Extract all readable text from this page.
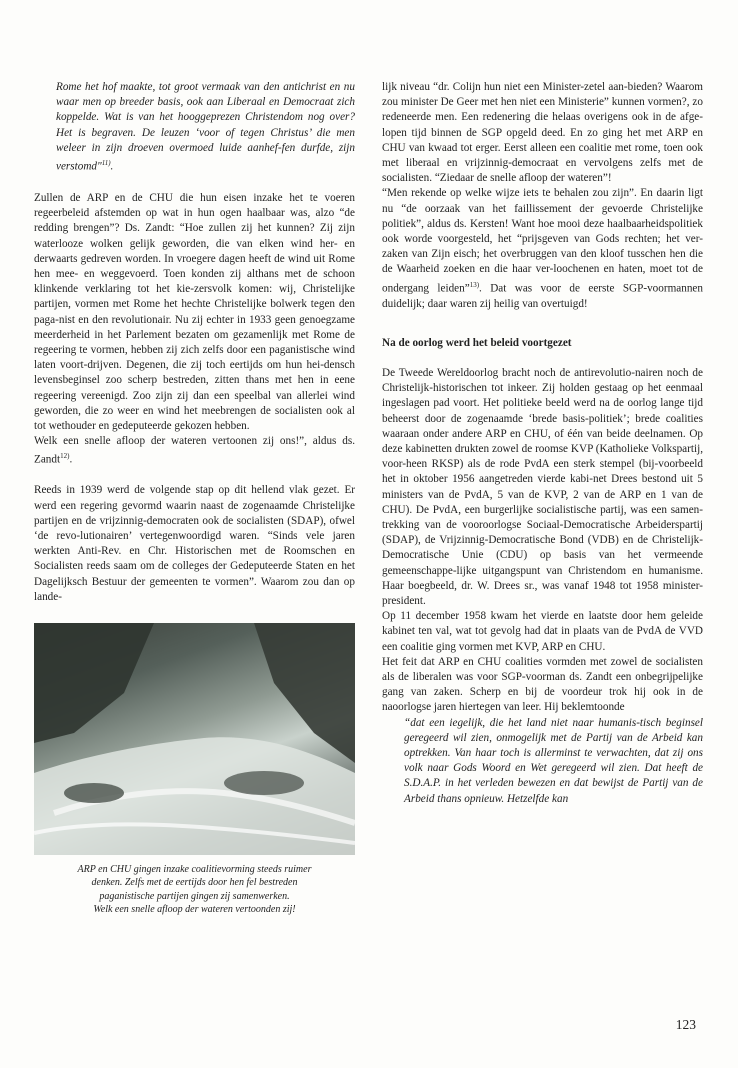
Rome het hof maakte, tot groot vermaak van den antichrist en nu waar men op breeder basis, ook aan Liberaal en Democraat zich koppelde. Wat is van het hooggeprezen Christendom nog over? Het is begraven. De leuzen ‘voor of tegen Christus’ die men weleer in zijn droeven overmoed luide aanhef-fen durfde, zijn verstomd"$^{11)}$.

Zullen de ARP en de CHU die hun eisen inzake het te voeren regeerbeleid afstemden op wat in hun ogen haalbaar was, alzo “de redding brengen”? Ds. Zandt: “Hoe zullen zij het kunnen? Zij zijn waterlooze wolken gelijk geworden, die van elken wind her- en derwaarts gedreven worden. In vroegere dagen heeft de wind uit Rome hen mee- en weggevoerd. Toen konden zij althans met de schoon klinkende verklaring tot het kie-zersvolk komen: wij, Christelijke partijen, vormen met Rome het hechte Christelijke bolwerk tegen den paga-nist en den revolutionair. Nu zij echter in 1933 geen genoegzame meerderheid in het Parlement bezaten om gezamenlijk met Rome de regeering te vormen, hebben zij zich zelfs door een paganistische wind laten voort-drijven. Degenen, die zij toch eertijds om hun hei-densch levensbeginsel zoo scherp bestreden, zitten thans met hen in eene regeering vereenigd. Zoo zijn zij dan een speelbal van allerlei wind geworden, die zo weer en wind het meebrengen de socialisten ook al tot wethouder en gedeputeerde gekozen hebben.

Welk een snelle afloop der wateren vertoonen zij ons!”, aldus ds. Zandt$^{12)}$.

Reeds in 1939 werd de volgende stap op dit hellend vlak gezet. Er werd een regering gevormd waarin naast de zogenaamde Christelijke partijen en de vrijzinnig-democraten ook de socialisten (SDAP), ofwel ‘de revo-lutionairen’ vertegenwoordigd waren. “Sinds vele jaren werkten Anti-Rev. en Chr. Historischen met de Roomschen en Socialisten reeds saam om de colleges der Gedeputeerde Staten en het Dagelijksch Bestuur der gemeenten te vormen”. Waarom zou dan op lande-

ARP en CHU gingen inzake coalitievorming steeds ruimer
denken. Zelfs met de eertijds door hen fel bestreden
paganistische partijen gingen zij samenwerken.
Welk een snelle afloop der wateren vertoonden zij!

lijk niveau “dr. Colijn hun niet een Minister-zetel aan-bieden? Waarom zou minister De Geer met hen niet een Ministerie” kunnen vormen?, zo redeneerde men. Een redenering die helaas overigens ook in de afge-lopen tijd binnen de SGP opgeld deed. En zo ging het met ARP en CHU van kwaad tot erger. Eerst alleen een coalitie met rome, toen ook met liberaal en vrijzinnig-democraat en vervolgens zelfs met de socialisten. “Ziedaar de snelle afloop der wateren”!

“Men rekende op welke wijze iets te behalen zou zijn”. En daarin ligt nu “de oorzaak van het faillissement der gevoerde Christelijke politiek”, aldus ds. Kersten! Want hoe mooi deze haalbaarheidspolitiek ook worde voorgesteld, het “prijsgeven van Gods rechten; het ver-zaken van Zijn eisch; het overbruggen van den kloof tusschen hen die de Waarheid zoeken en die haar ver-loochenen en haten, moet tot de ondergang leiden”$^{13)}$. Dat was voor de eerste SGP-voormannen duidelijk; daar waren zij heilig van overtuigd!

Na de oorlog werd het beleid voortgezet

De Tweede Wereldoorlog bracht noch de antirevolutio-nairen noch de Christelijk-historischen tot inkeer. Zij holden gestaag op het eenmaal ingeslagen pad voort. Het politieke beeld werd na de oorlog lange tijd beheerst door de zogenaamde ‘brede basis-politiek’; brede coalities waaraan onder andere ARP en CHU, of één van beide deelnamen. Op deze kabinetten drukten zowel de roomse KVP (Katholieke Volkspartij, voor-heen RKSP) als de rode PvdA een sterk stempel (bij-voorbeeld het in oktober 1956 aangetreden vierde kabi-net Drees bestond uit 5 ministers van de PvdA, 5 van de KVP, 2 van de ARP en 1 van de CHU). De PvdA, een burgerlijke socialistische partij, was een samen-trekking van de vooroorlogse Sociaal-Democratische Arbeiderspartij (SDAP), de Vrijzinnig-Democratische Bond (VDB) en de Christelijk-Democratische Unie (CDU) op basis van het vermeende gemeenschappe-lijke uitgangspunt van Christendom en humanisme. Haar boegbeeld, dr. W. Drees sr., was vanaf 1948 tot 1958 minister-president.

Op 11 december 1958 kwam het vierde en laatste door hem geleide kabinet ten val, wat tot gevolg had dat in plaats van de PvdA de VVD een coalitie ging vormen met KVP, ARP en CHU.

Het feit dat ARP en CHU coalities vormden met zowel de socialisten als de liberalen was voor SGP-voorman ds. Zandt een onbegrijpelijke gang van zaken. Scherp en bij de voordeur trok hij ook in de naoorlogse jaren hiertegen van leer. Hij beklemtoonde

“dat een iegelijk, die het land niet naar humanis-tisch beginsel geregeerd wil zien, onmogelijk met de Partij van de Arbeid kan optrekken. Van haar toch is allerminst te verwachten, dat zij ons volk naar Gods Woord en Wet geregeerd wil zien. Dat heeft de S.D.A.P. in het verleden bewezen en dat bewijst de Partij van de Arbeid thans opnieuw. Hetzelfde kan

123
